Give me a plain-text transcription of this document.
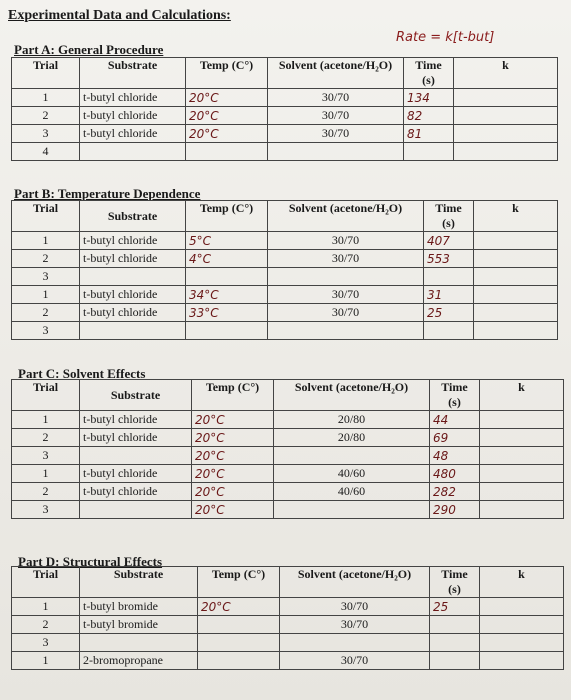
Experimental Data and Calculations:
Rate = k[t-but]
Part A: General Procedure
Trial	Substrate	Temp (C°)	Solvent (acetone/H₂O)	Time
(s)	k
1	t-butyl chloride	20°C	30/70	134	
2	t-butyl chloride	20°C	30/70	82	
3	t-butyl chloride	20°C	30/70	81	
4					
Part B: Temperature Dependence
Trial	Substrate	Temp (C°)	Solvent (acetone/H₂O)	Time
(s)	k
1	t-butyl chloride	5°C	30/70	407	
2	t-butyl chloride	4°C	30/70	553	
3					
1	t-butyl chloride	34°C	30/70	31	
2	t-butyl chloride	33°C	30/70	25	
3					
Part C: Solvent Effects
Trial	Substrate	Temp (C°)	Solvent (acetone/H₂O)	Time
(s)	k
1	t-butyl chloride	20°C	20/80	44	
2	t-butyl chloride	20°C	20/80	69	
3		20°C		48	
1	t-butyl chloride	20°C	40/60	480	
2	t-butyl chloride	20°C	40/60	282	
3		20°C		290	
Part D: Structural Effects
Trial	Substrate	Temp (C°)	Solvent (acetone/H₂O)	Time
(s)	k
1	t-butyl bromide	20°C	30/70	25	
2	t-butyl bromide		30/70		
3					
1	2-bromopropane		30/70		
